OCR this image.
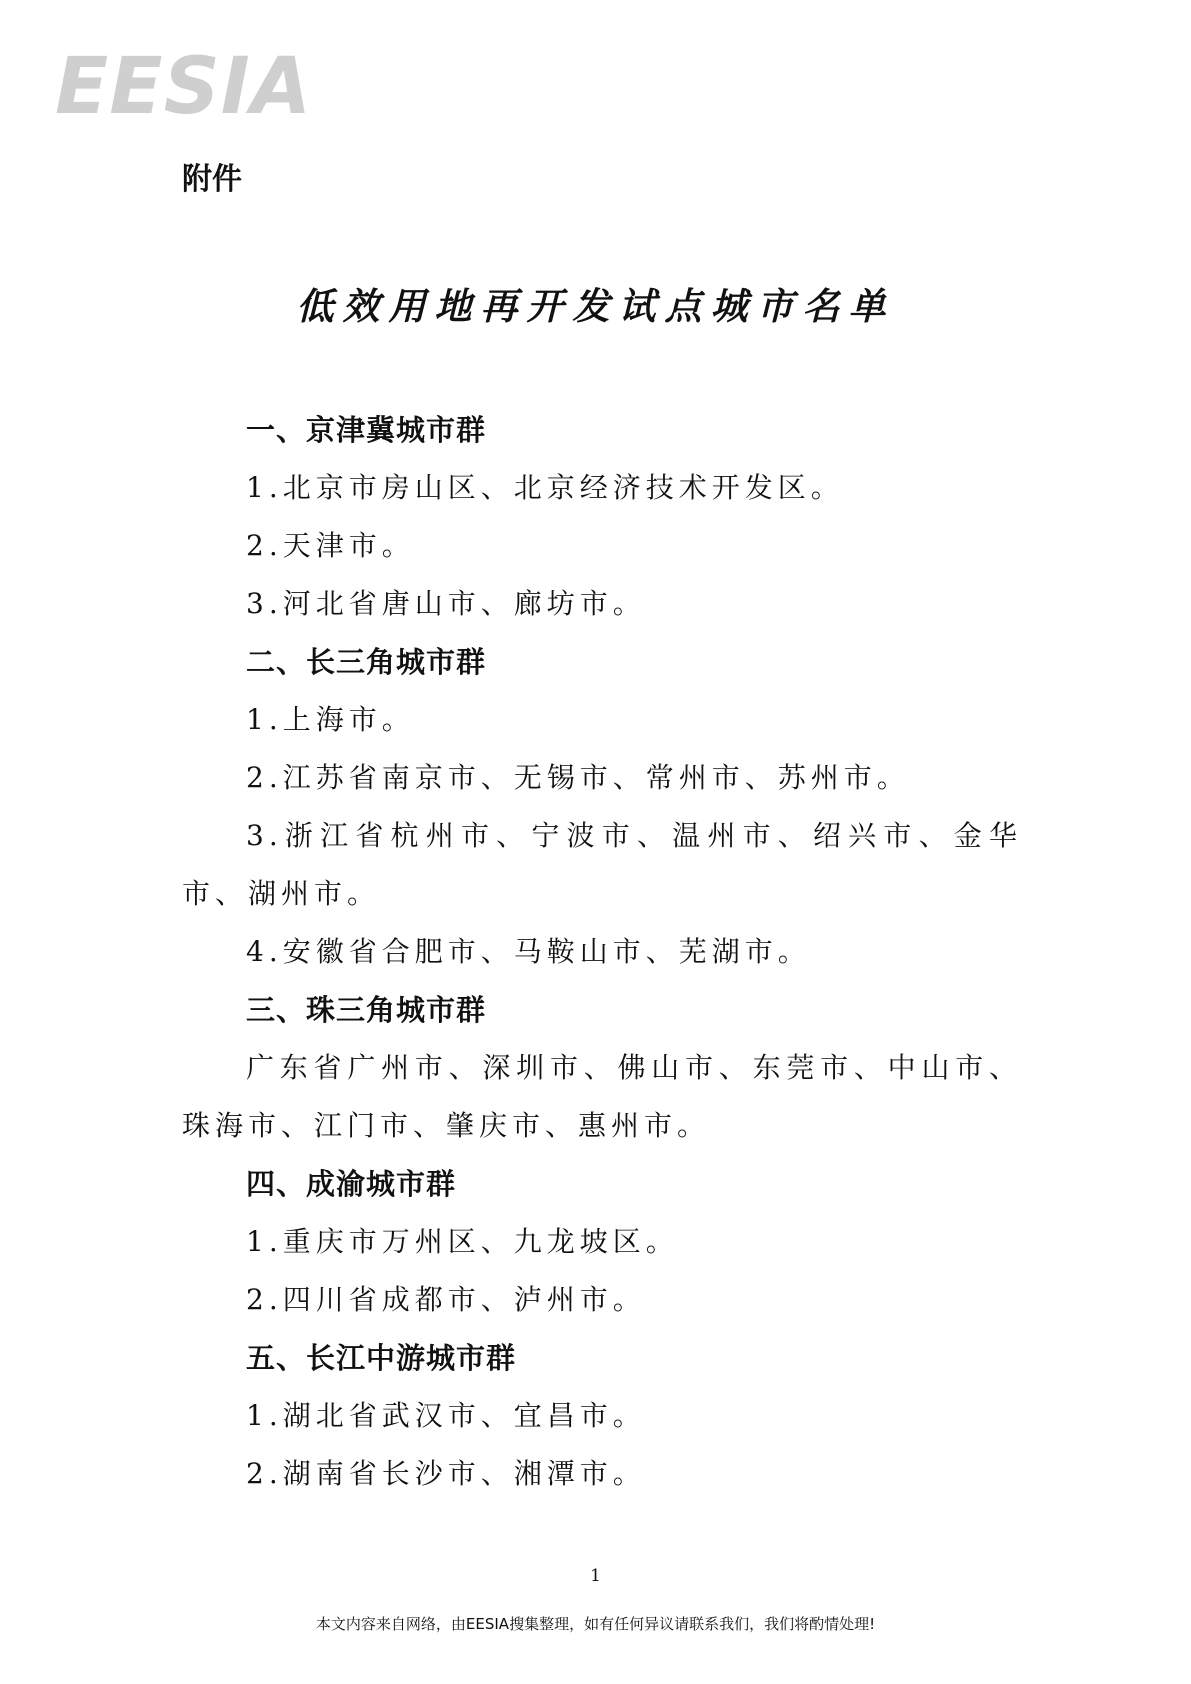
EESIA

附件

低效用地再开发试点城市名单
一、京津冀城市群

1.北京市房山区、北京经济技术开发区。

2.天津市。

3.河北省唐山市、廊坊市。

二、长三角城市群

1.上海市。

2.江苏省南京市、无锡市、常州市、苏州市。

3.浙江省杭州市、宁波市、温州市、绍兴市、金华市、湖州市。

4.安徽省合肥市、马鞍山市、芜湖市。

三、珠三角城市群

广东省广州市、深圳市、佛山市、东莞市、中山市、珠海市、江门市、肇庆市、惠州市。

四、成渝城市群

1.重庆市万州区、九龙坡区。

2.四川省成都市、泸州市。

五、长江中游城市群

1.湖北省武汉市、宜昌市。

2.湖南省长沙市、湘潭市。

1

本文内容来自网络，由EESIA搜集整理，如有任何异议请联系我们，我们将酌情处理!
